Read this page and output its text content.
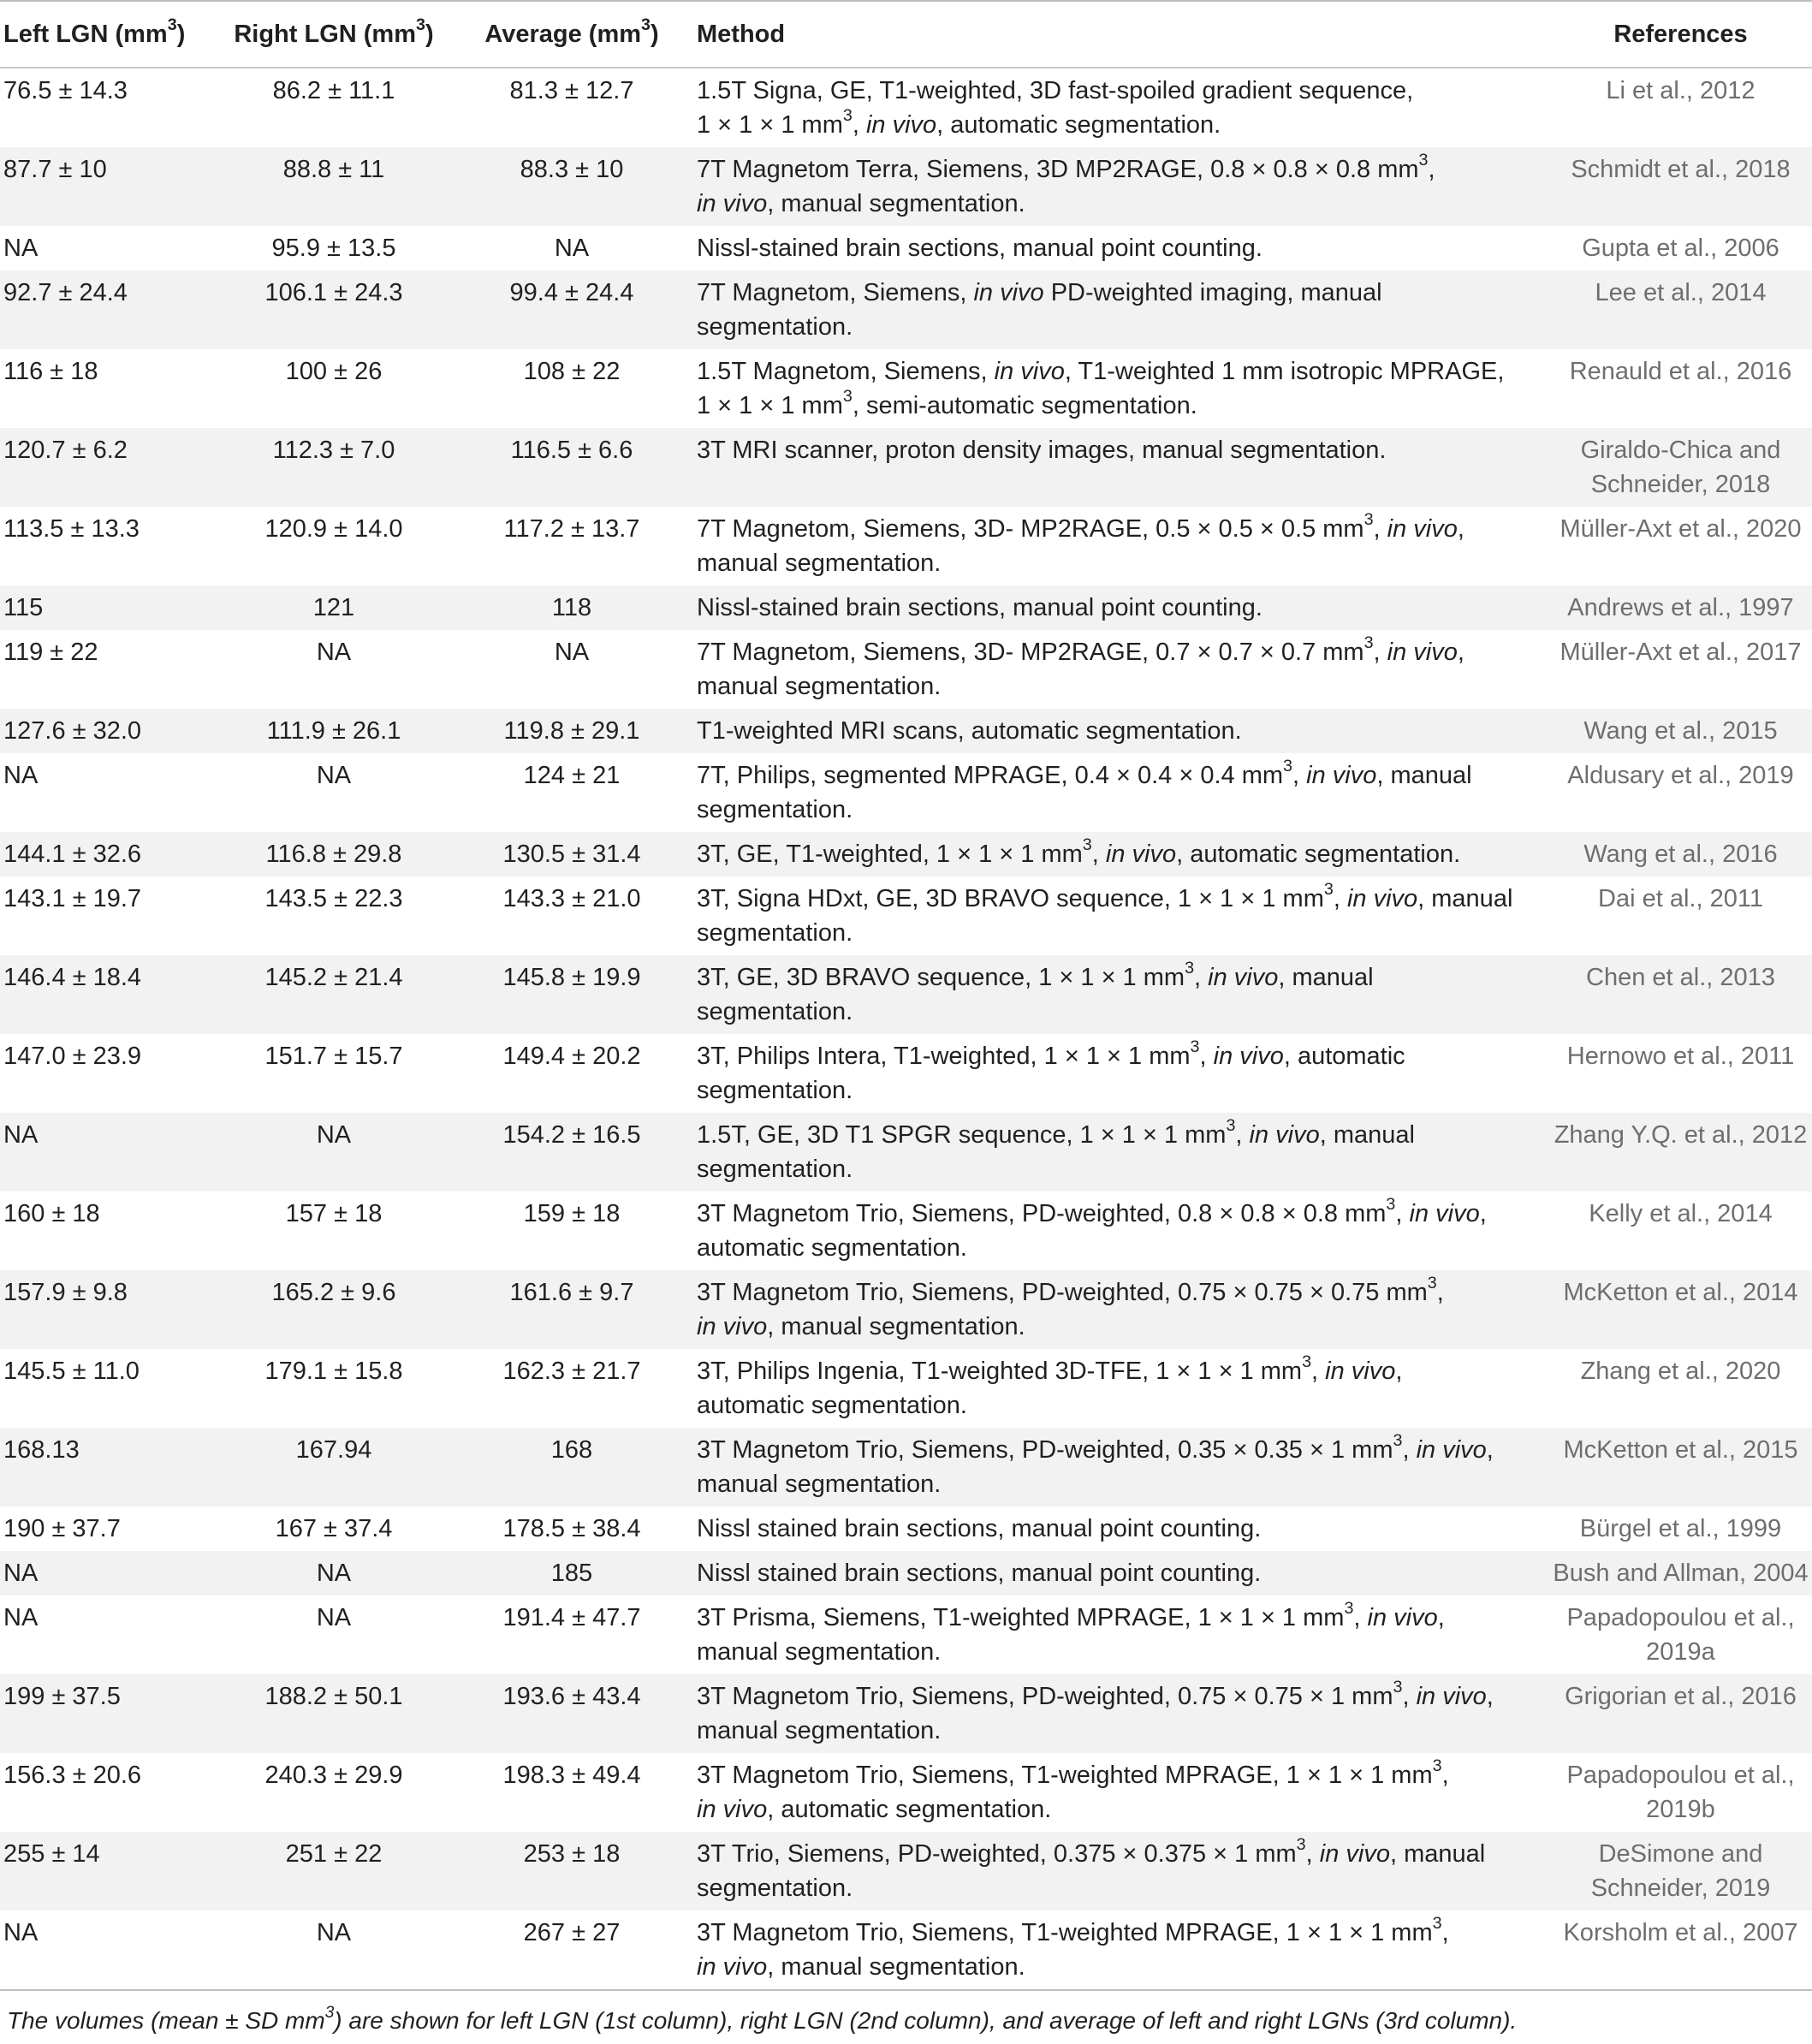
Left LGN $(mm^3)$	Right LGN $(mm^3)$	Average $(mm^3)$	Method	References
76.5 ± 14.3	86.2 ± 11.1	81.3 ± 12.7	1.5T Signa, GE, T1-weighted, 3D fast-spoiled gradient sequence,
1 × 1 × 1 $mm^3$, in vivo, automatic segmentation.	Li et al., 2012
87.7 ± 10	88.8 ± 11	88.3 ± 10	7T Magnetom Terra, Siemens, 3D MP2RAGE, 0.8 × 0.8 × 0.8 $mm^3$,
in vivo, manual segmentation.	Schmidt et al., 2018
NA	95.9 ± 13.5	NA	Nissl-stained brain sections, manual point counting.	Gupta et al., 2006
92.7 ± 24.4	106.1 ± 24.3	99.4 ± 24.4	7T Magnetom, Siemens, in vivo PD-weighted imaging, manual
segmentation.	Lee et al., 2014
116 ± 18	100 ± 26	108 ± 22	1.5T Magnetom, Siemens, in vivo, T1-weighted 1 mm isotropic MPRAGE,
1 × 1 × 1 $mm^3$, semi-automatic segmentation.	Renauld et al., 2016
120.7 ± 6.2	112.3 ± 7.0	116.5 ± 6.6	3T MRI scanner, proton density images, manual segmentation.	Giraldo-Chica and Schneider, 2018
113.5 ± 13.3	120.9 ± 14.0	117.2 ± 13.7	7T Magnetom, Siemens, 3D- MP2RAGE, 0.5 × 0.5 × 0.5 $mm^3$, in vivo,
manual segmentation.	Müller-Axt et al., 2020
115	121	118	Nissl-stained brain sections, manual point counting.	Andrews et al., 1997
119 ± 22	NA	NA	7T Magnetom, Siemens, 3D- MP2RAGE, 0.7 × 0.7 × 0.7 $mm^3$, in vivo,
manual segmentation.	Müller-Axt et al., 2017
127.6 ± 32.0	111.9 ± 26.1	119.8 ± 29.1	T1-weighted MRI scans, automatic segmentation.	Wang et al., 2015
NA	NA	124 ± 21	7T, Philips, segmented MPRAGE, 0.4 × 0.4 × 0.4 $mm^3$, in vivo, manual
segmentation.	Aldusary et al., 2019
144.1 ± 32.6	116.8 ± 29.8	130.5 ± 31.4	3T, GE, T1-weighted, 1 × 1 × 1 $mm^3$, in vivo, automatic segmentation.	Wang et al., 2016
143.1 ± 19.7	143.5 ± 22.3	143.3 ± 21.0	3T, Signa HDxt, GE, 3D BRAVO sequence, 1 × 1 × 1 $mm^3$, in vivo, manual
segmentation.	Dai et al., 2011
146.4 ± 18.4	145.2 ± 21.4	145.8 ± 19.9	3T, GE, 3D BRAVO sequence, 1 × 1 × 1 $mm^3$, in vivo, manual
segmentation.	Chen et al., 2013
147.0 ± 23.9	151.7 ± 15.7	149.4 ± 20.2	3T, Philips Intera, T1-weighted, 1 × 1 × 1 $mm^3$, in vivo, automatic
segmentation.	Hernowo et al., 2011
NA	NA	154.2 ± 16.5	1.5T, GE, 3D T1 SPGR sequence, 1 × 1 × 1 $mm^3$, in vivo, manual
segmentation.	Zhang Y.Q. et al., 2012
160 ± 18	157 ± 18	159 ± 18	3T Magnetom Trio, Siemens, PD-weighted, 0.8 × 0.8 × 0.8 $mm^3$, in vivo,
automatic segmentation.	Kelly et al., 2014
157.9 ± 9.8	165.2 ± 9.6	161.6 ± 9.7	3T Magnetom Trio, Siemens, PD-weighted, 0.75 × 0.75 × 0.75 $mm^3$,
in vivo, manual segmentation.	McKetton et al., 2014
145.5 ± 11.0	179.1 ± 15.8	162.3 ± 21.7	3T, Philips Ingenia, T1-weighted 3D-TFE, 1 × 1 × 1 $mm^3$, in vivo,
automatic segmentation.	Zhang et al., 2020
168.13	167.94	168	3T Magnetom Trio, Siemens, PD-weighted, 0.35 × 0.35 × 1 $mm^3$, in vivo,
manual segmentation.	McKetton et al., 2015
190 ± 37.7	167 ± 37.4	178.5 ± 38.4	Nissl stained brain sections, manual point counting.	Bürgel et al., 1999
NA	NA	185	Nissl stained brain sections, manual point counting.	Bush and Allman, 2004
NA	NA	191.4 ± 47.7	3T Prisma, Siemens, T1-weighted MPRAGE, 1 × 1 × 1 $mm^3$, in vivo,
manual segmentation.	Papadopoulou et al., 2019a
199 ± 37.5	188.2 ± 50.1	193.6 ± 43.4	3T Magnetom Trio, Siemens, PD-weighted, 0.75 × 0.75 × 1 $mm^3$, in vivo,
manual segmentation.	Grigorian et al., 2016
156.3 ± 20.6	240.3 ± 29.9	198.3 ± 49.4	3T Magnetom Trio, Siemens, T1-weighted MPRAGE, 1 × 1 × 1 $mm^3$,
in vivo, automatic segmentation.	Papadopoulou et al., 2019b
255 ± 14	251 ± 22	253 ± 18	3T Trio, Siemens, PD-weighted, 0.375 × 0.375 × 1 $mm^3$, in vivo, manual
segmentation.	DeSimone and Schneider, 2019
NA	NA	267 ± 27	3T Magnetom Trio, Siemens, T1-weighted MPRAGE, 1 × 1 × 1 $mm^3$,
in vivo, manual segmentation.	Korsholm et al., 2007
The volumes (mean ± SD $mm^3$) are shown for left LGN (1st column), right LGN (2nd column), and average of left and right LGNs (3rd column).
